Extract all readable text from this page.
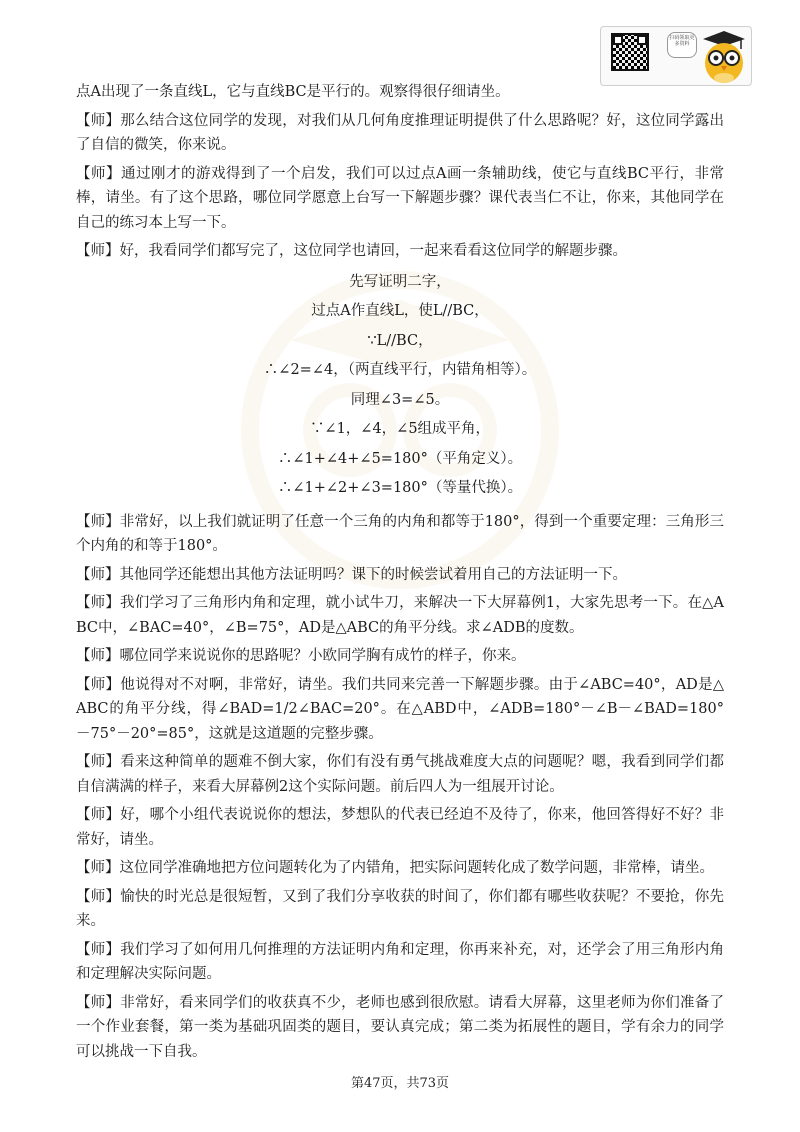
扫码领取更多资料

点A出现了一条直线L，它与直线BC是平行的。观察得很仔细请坐。

【师】那么结合这位同学的发现，对我们从几何角度推理证明提供了什么思路呢？好，这位同学露出了自信的微笑，你来说。

【师】通过刚才的游戏得到了一个启发，我们可以过点A画一条辅助线，使它与直线BC平行，非常棒，请坐。有了这个思路，哪位同学愿意上台写一下解题步骤？课代表当仁不让，你来，其他同学在自己的练习本上写一下。

【师】好，我看同学们都写完了，这位同学也请回，一起来看看这位同学的解题步骤。

先写证明二字，

过点A作直线L，使L//BC，

∵L//BC，

∴∠2=∠4，（两直线平行，内错角相等）。

同理∠3=∠5。

∵∠1，∠4，∠5组成平角，

∴∠1+∠4+∠5=180°（平角定义）。

∴∠1+∠2+∠3=180°（等量代换）。

【师】非常好，以上我们就证明了任意一个三角的内角和都等于180°，得到一个重要定理：三角形三个内角的和等于180°。

【师】其他同学还能想出其他方法证明吗？课下的时候尝试着用自己的方法证明一下。

【师】我们学习了三角形内角和定理，就小试牛刀，来解决一下大屏幕例1，大家先思考一下。在△ABC中，∠BAC=40°，∠B=75°，AD是△ABC的角平分线。求∠ADB的度数。

【师】哪位同学来说说你的思路呢？小欧同学胸有成竹的样子，你来。

【师】他说得对不对啊，非常好，请坐。我们共同来完善一下解题步骤。由于∠ABC=40°，AD是△ABC的角平分线，得∠BAD=1/2∠BAC=20°。在△ABD中，∠ADB=180°－∠B－∠BAD=180°－75°－20°=85°，这就是这道题的完整步骤。

【师】看来这种简单的题难不倒大家，你们有没有勇气挑战难度大点的问题呢？嗯，我看到同学们都自信满满的样子，来看大屏幕例2这个实际问题。前后四人为一组展开讨论。

【师】好，哪个小组代表说说你的想法，梦想队的代表已经迫不及待了，你来，他回答得好不好？非常好，请坐。

【师】这位同学准确地把方位问题转化为了内错角，把实际问题转化成了数学问题，非常棒，请坐。

【师】愉快的时光总是很短暂，又到了我们分享收获的时间了，你们都有哪些收获呢？不要抢，你先来。

【师】我们学习了如何用几何推理的方法证明内角和定理，你再来补充，对，还学会了用三角形内角和定理解决实际问题。

【师】非常好，看来同学们的收获真不少，老师也感到很欣慰。请看大屏幕，这里老师为你们准备了一个作业套餐，第一类为基础巩固类的题目，要认真完成；第二类为拓展性的题目，学有余力的同学可以挑战一下自我。

第47页，共73页
